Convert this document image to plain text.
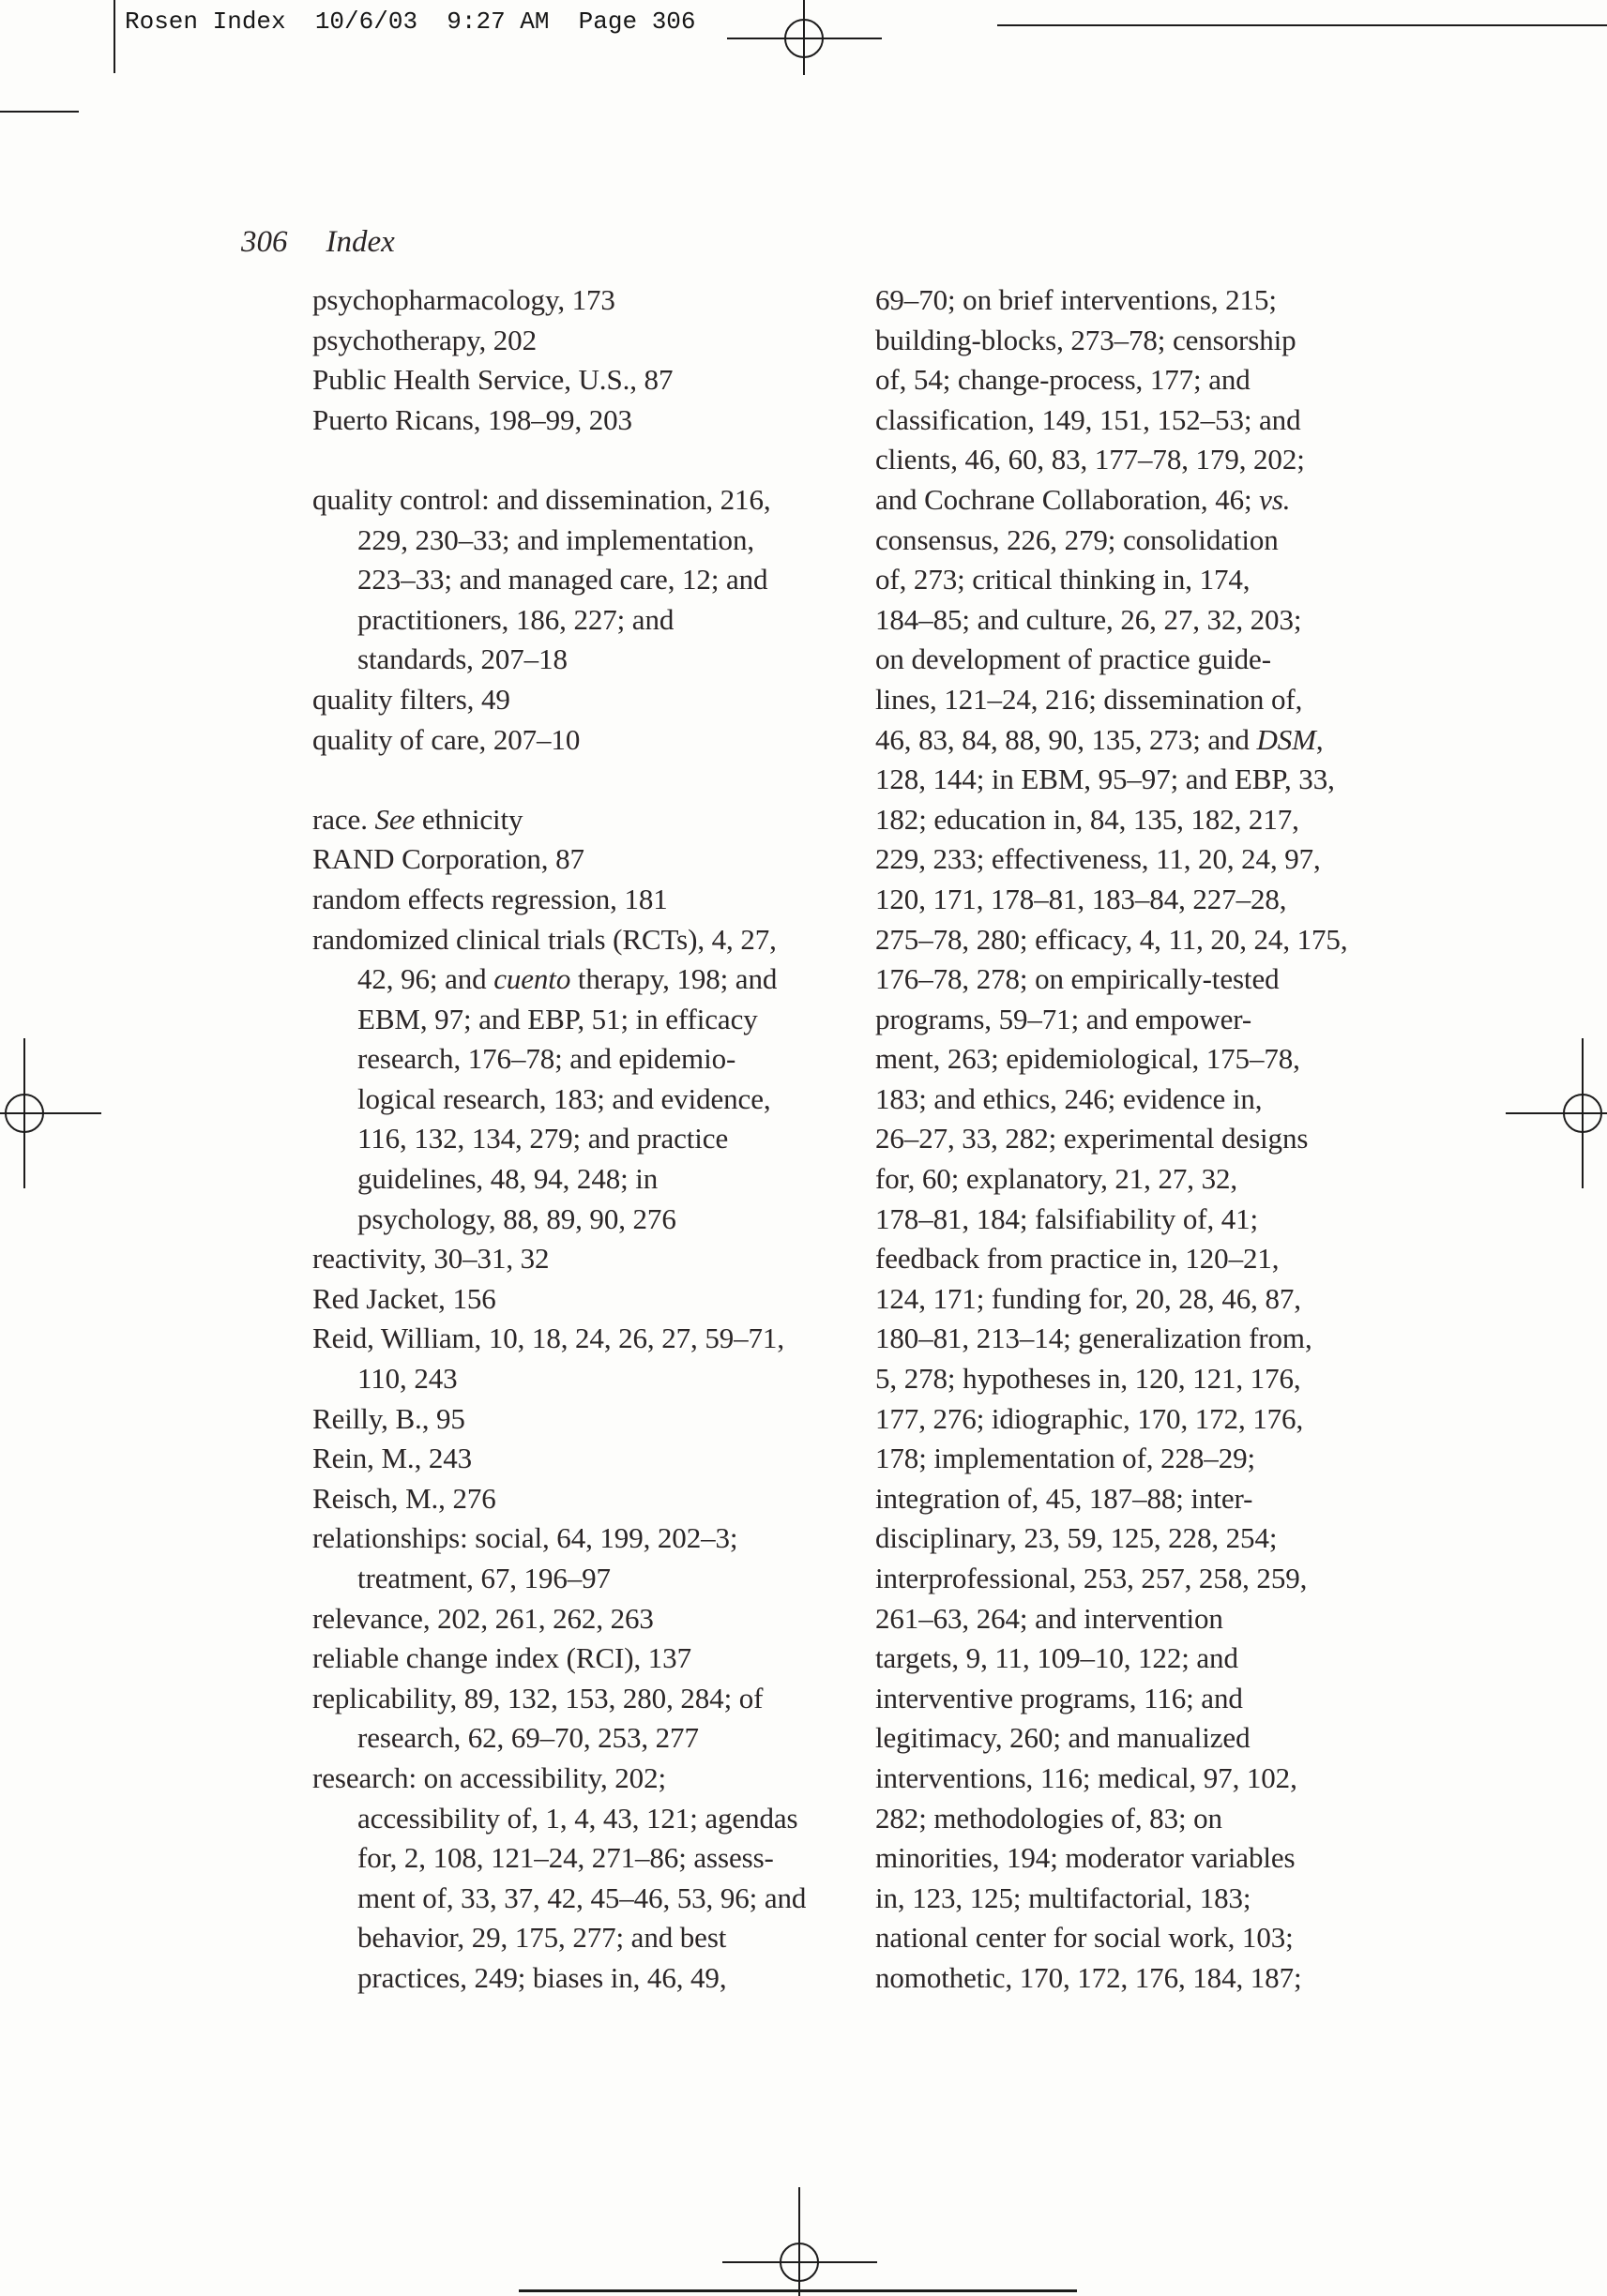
Rosen Index  10/6/03  9:27 AM  Page 306
306 Index
psychopharmacology, 173
psychotherapy, 202
Public Health Service, U.S., 87
Puerto Ricans, 198–99, 203

quality control: and dissemination, 216,
229, 230–33; and implementation,
223–33; and managed care, 12; and
practitioners, 186, 227; and
standards, 207–18
quality filters, 49
quality of care, 207–10

race. See ethnicity
RAND Corporation, 87
random effects regression, 181
randomized clinical trials (RCTs), 4, 27,
42, 96; and cuento therapy, 198; and
EBM, 97; and EBP, 51; in efficacy
research, 176–78; and epidemio-
logical research, 183; and evidence,
116, 132, 134, 279; and practice
guidelines, 48, 94, 248; in
psychology, 88, 89, 90, 276
reactivity, 30–31, 32
Red Jacket, 156
Reid, William, 10, 18, 24, 26, 27, 59–71,
110, 243
Reilly, B., 95
Rein, M., 243
Reisch, M., 276
relationships: social, 64, 199, 202–3;
treatment, 67, 196–97
relevance, 202, 261, 262, 263
reliable change index (RCI), 137
replicability, 89, 132, 153, 280, 284; of
research, 62, 69–70, 253, 277
research: on accessibility, 202;
accessibility of, 1, 4, 43, 121; agendas
for, 2, 108, 121–24, 271–86; assess-
ment of, 33, 37, 42, 45–46, 53, 96; and
behavior, 29, 175, 277; and best
practices, 249; biases in, 46, 49,
69–70; on brief interventions, 215;
building-blocks, 273–78; censorship
of, 54; change-process, 177; and
classification, 149, 151, 152–53; and
clients, 46, 60, 83, 177–78, 179, 202;
and Cochrane Collaboration, 46; vs.
consensus, 226, 279; consolidation
of, 273; critical thinking in, 174,
184–85; and culture, 26, 27, 32, 203;
on development of practice guide-
lines, 121–24, 216; dissemination of,
46, 83, 84, 88, 90, 135, 273; and DSM,
128, 144; in EBM, 95–97; and EBP, 33,
182; education in, 84, 135, 182, 217,
229, 233; effectiveness, 11, 20, 24, 97,
120, 171, 178–81, 183–84, 227–28,
275–78, 280; efficacy, 4, 11, 20, 24, 175,
176–78, 278; on empirically-tested
programs, 59–71; and empower-
ment, 263; epidemiological, 175–78,
183; and ethics, 246; evidence in,
26–27, 33, 282; experimental designs
for, 60; explanatory, 21, 27, 32,
178–81, 184; falsifiability of, 41;
feedback from practice in, 120–21,
124, 171; funding for, 20, 28, 46, 87,
180–81, 213–14; generalization from,
5, 278; hypotheses in, 120, 121, 176,
177, 276; idiographic, 170, 172, 176,
178; implementation of, 228–29;
integration of, 45, 187–88; inter-
disciplinary, 23, 59, 125, 228, 254;
interprofessional, 253, 257, 258, 259,
261–63, 264; and intervention
targets, 9, 11, 109–10, 122; and
interventive programs, 116; and
legitimacy, 260; and manualized
interventions, 116; medical, 97, 102,
282; methodologies of, 83; on
minorities, 194; moderator variables
in, 123, 125; multifactorial, 183;
national center for social work, 103;
nomothetic, 170, 172, 176, 184, 187;
